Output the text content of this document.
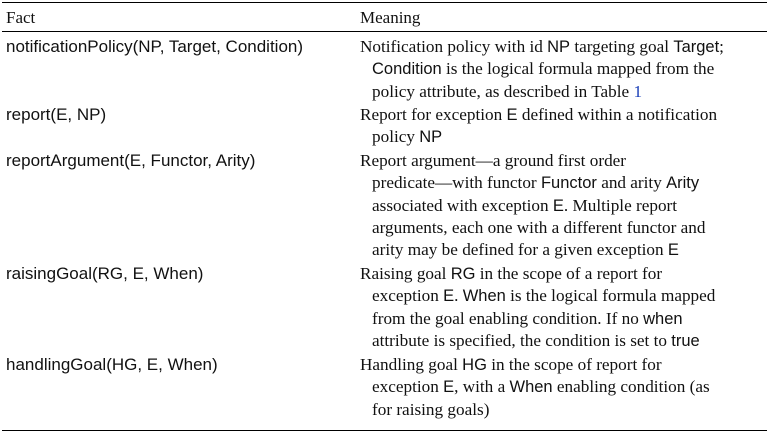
Fact	Meaning
notificationPolicy(NP, Target, Condition)	Notification policy with id NP targeting goal Target;
Condition is the logical formula mapped from the
policy attribute, as described in Table 1
report(E, NP)	Report for exception E defined within a notification
policy NP
reportArgument(E, Functor, Arity)	Report argument—a ground first order
predicate—with functor Functor and arity Arity
associated with exception E. Multiple report
arguments, each one with a different functor and
arity may be defined for a given exception E
raisingGoal(RG, E, When)	Raising goal RG in the scope of a report for
exception E. When is the logical formula mapped
from the goal enabling condition. If no when
attribute is specified, the condition is set to true
handlingGoal(HG, E, When)	Handling goal HG in the scope of report for
exception E, with a When enabling condition (as
for raising goals)
